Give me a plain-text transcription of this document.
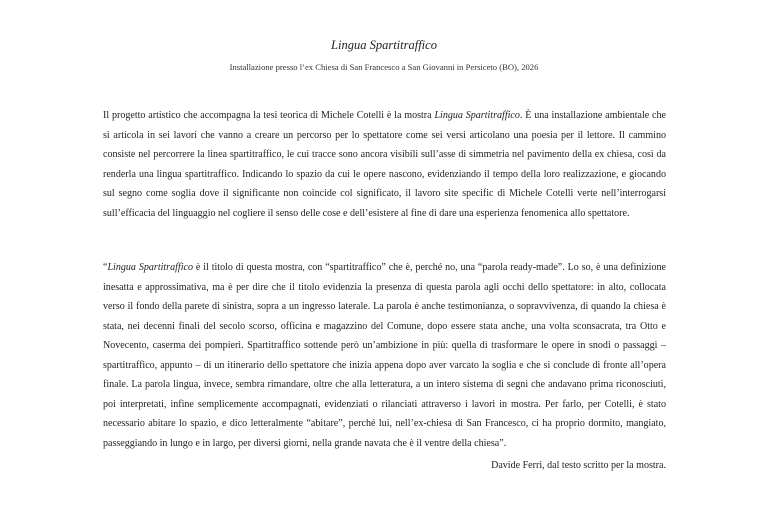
Lingua Spartitraffico
Installazione presso l’ex Chiesa di San Francesco a San Giovanni in Persiceto (BO), 2026
Il progetto artistico che accompagna la tesi teorica di Michele Cotelli è la mostra Lingua Spartitraffico. È una installazione ambientale che si articola in sei lavori che vanno a creare un percorso per lo spettatore come sei versi articolano una poesia per il lettore. Il cammino consiste nel percorrere la linea spartitraffico, le cui tracce sono ancora visibili sull’asse di simmetria nel pavimento della ex chiesa, così da renderla una lingua spartitraffico. Indicando lo spazio da cui le opere nascono, evidenziando il tempo della loro realizzazione, e giocando sul segno come soglia dove il significante non coincide col significato, il lavoro site specific di Michele Cotelli verte nell’interrogarsi sull’efficacia del linguaggio nel cogliere il senso delle cose e dell’esistere al fine di dare una esperienza fenomenica allo spettatore.
“Lingua Spartitraffico è il titolo di questa mostra, con “spartitraffico” che è, perché no, una “parola ready-made”. Lo so, è una definizione inesatta e approssimativa, ma è per dire che il titolo evidenzia la presenza di questa parola agli occhi dello spettatore: in alto, collocata verso il fondo della parete di sinistra, sopra a un ingresso laterale. La parola è anche testimonianza, o sopravvivenza, di quando la chiesa è stata, nei decenni finali del secolo scorso, officina e magazzino del Comune, dopo essere stata anche, una volta sconsacrata, tra Otto e Novecento, caserma dei pompieri. Spartitraffico sottende però un’ambizione in più: quella di trasformare le opere in snodi o passaggi – spartitraffico, appunto – di un itinerario dello spettatore che inizia appena dopo aver varcato la soglia e che si conclude di fronte all’opera finale. La parola lingua, invece, sembra rimandare, oltre che alla letteratura, a un intero sistema di segni che andavano prima riconosciuti, poi interpretati, infine semplicemente accompagnati, evidenziati o rilanciati attraverso i lavori in mostra. Per farlo, per Cotelli, è stato necessario abitare lo spazio, e dico letteralmente “abitare”, perché lui, nell’ex-chiesa di San Francesco, ci ha proprio dormito, mangiato, passeggiando in lungo e in largo, per diversi giorni, nella grande navata che è il ventre della chiesa”.
Davide Ferri, dal testo scritto per la mostra.
